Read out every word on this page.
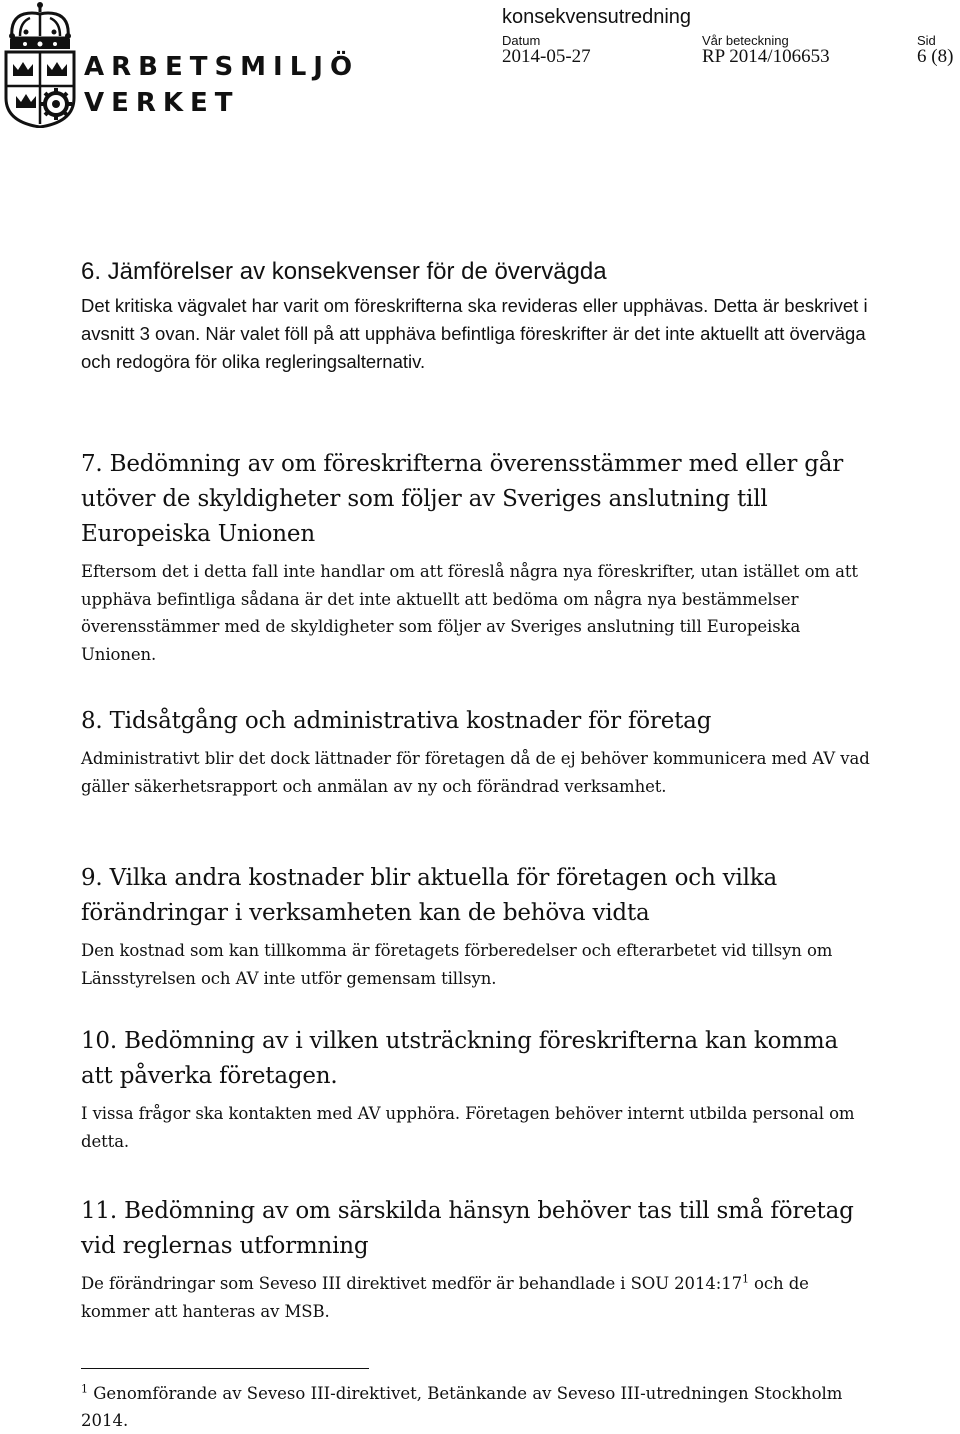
ARBETSMILJÖ
VERKET
konsekvensutredning
Datum
2014-05-27
Vår beteckning
RP 2014/106653
Sid
6 (8)
6. Jämförelser av konsekvenser för de övervägda

Det kritiska vägvalet har varit om föreskrifterna ska revideras eller upphävas. Detta är beskrivet i avsnitt 3 ovan. När valet föll på att upphäva befintliga föreskrifter är det inte aktuellt att överväga och redogöra för olika regleringsalternativ.

7. Bedömning av om föreskrifterna överensstämmer med eller går utöver de skyldigheter som följer av Sveriges anslutning till Europeiska Unionen

Eftersom det i detta fall inte handlar om att föreslå några nya föreskrifter, utan istället om att upphäva befintliga sådana är det inte aktuellt att bedöma om några nya bestämmelser överensstämmer med de skyldigheter som följer av Sveriges anslutning till Europeiska Unionen.

8. Tidsåtgång och administrativa kostnader för företag

Administrativt blir det dock lättnader för företagen då de ej behöver kommunicera med AV vad gäller säkerhetsrapport och anmälan av ny och förändrad verksamhet.

9. Vilka andra kostnader blir aktuella för företagen och vilka förändringar i verksamheten kan de behöva vidta

Den kostnad som kan tillkomma är företagets förberedelser och efterarbetet vid tillsyn om Länsstyrelsen och AV inte utför gemensam tillsyn.

10. Bedömning av i vilken utsträckning föreskrifterna kan komma att påverka företagen.

I vissa frågor ska kontakten med AV upphöra. Företagen behöver internt utbilda personal om detta.

11. Bedömning av om särskilda hänsyn behöver tas till små företag vid reglernas utformning

De förändringar som Seveso III direktivet medför är behandlade i SOU $2014:17^1$ och de kommer att hanteras av MSB.

$^1$ Genomförande av Seveso III-direktivet, Betänkande av Seveso III-utredningen Stockholm 2014.
